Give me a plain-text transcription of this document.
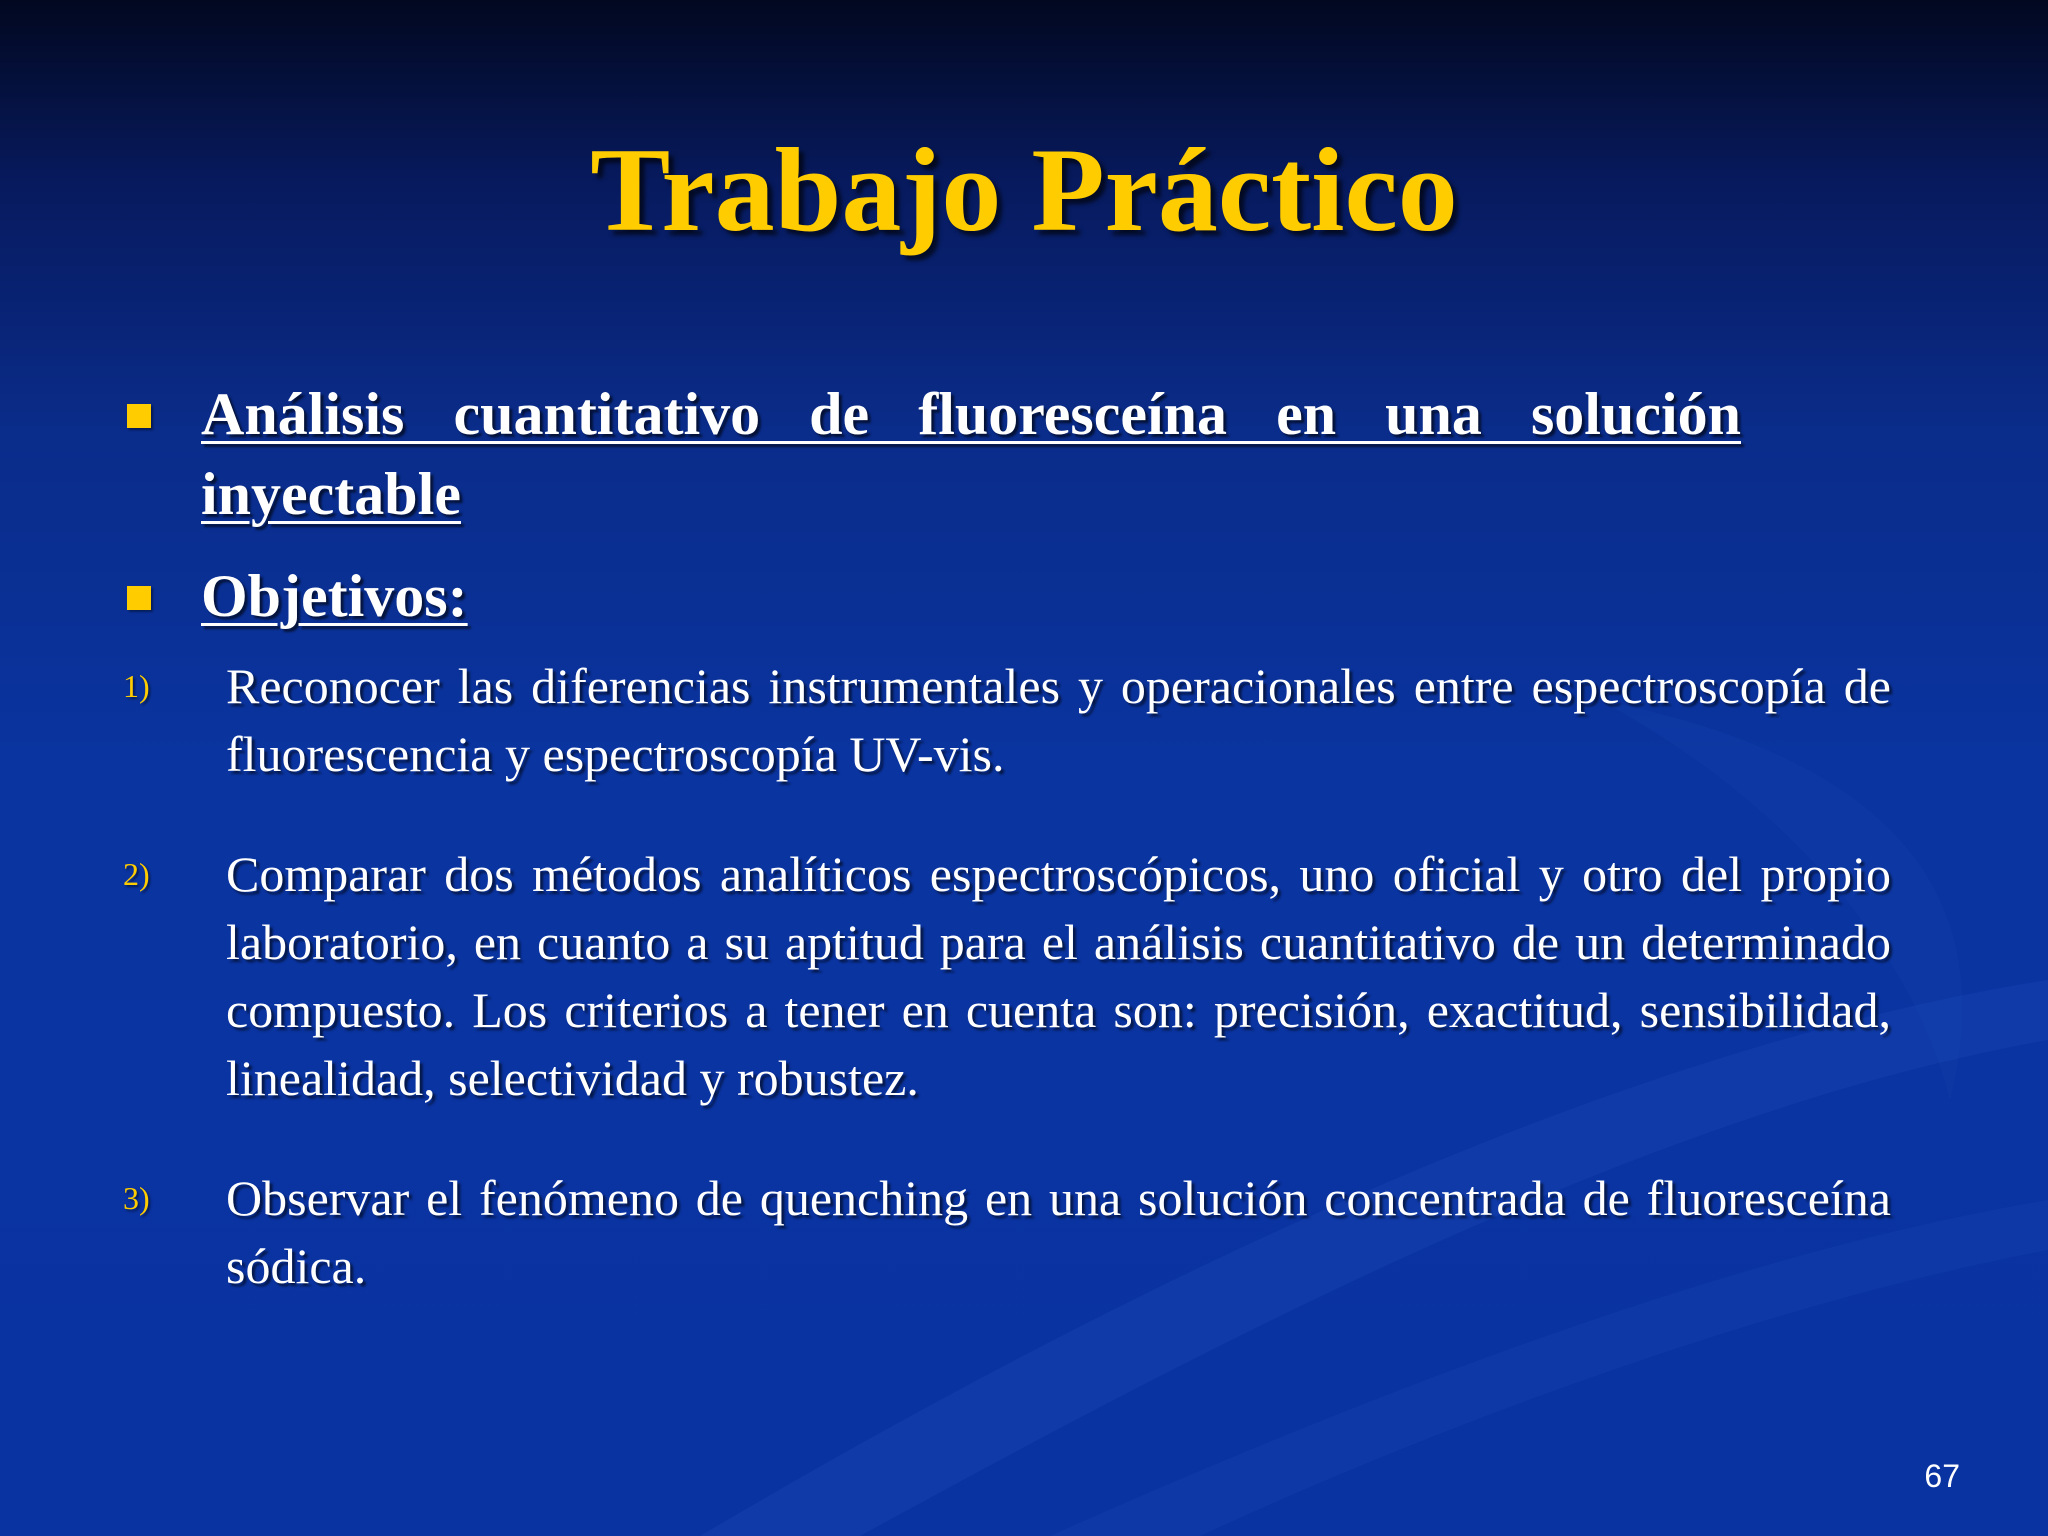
Trabajo Práctico
Análisis cuantitativo de fluoresceína en una solución inyectable
Objetivos:
1) Reconocer las diferencias instrumentales y operacionales entre espectroscopía de fluorescencia y espectroscopía UV-vis.
2) Comparar dos métodos analíticos espectroscópicos, uno oficial y otro del propio laboratorio, en cuanto a su aptitud para el análisis cuantitativo de un determinado compuesto. Los criterios a tener en cuenta son: precisión, exactitud, sensibilidad, linealidad, selectividad y robustez.
3) Observar el fenómeno de quenching en una solución concentrada de fluoresceína sódica.
67
